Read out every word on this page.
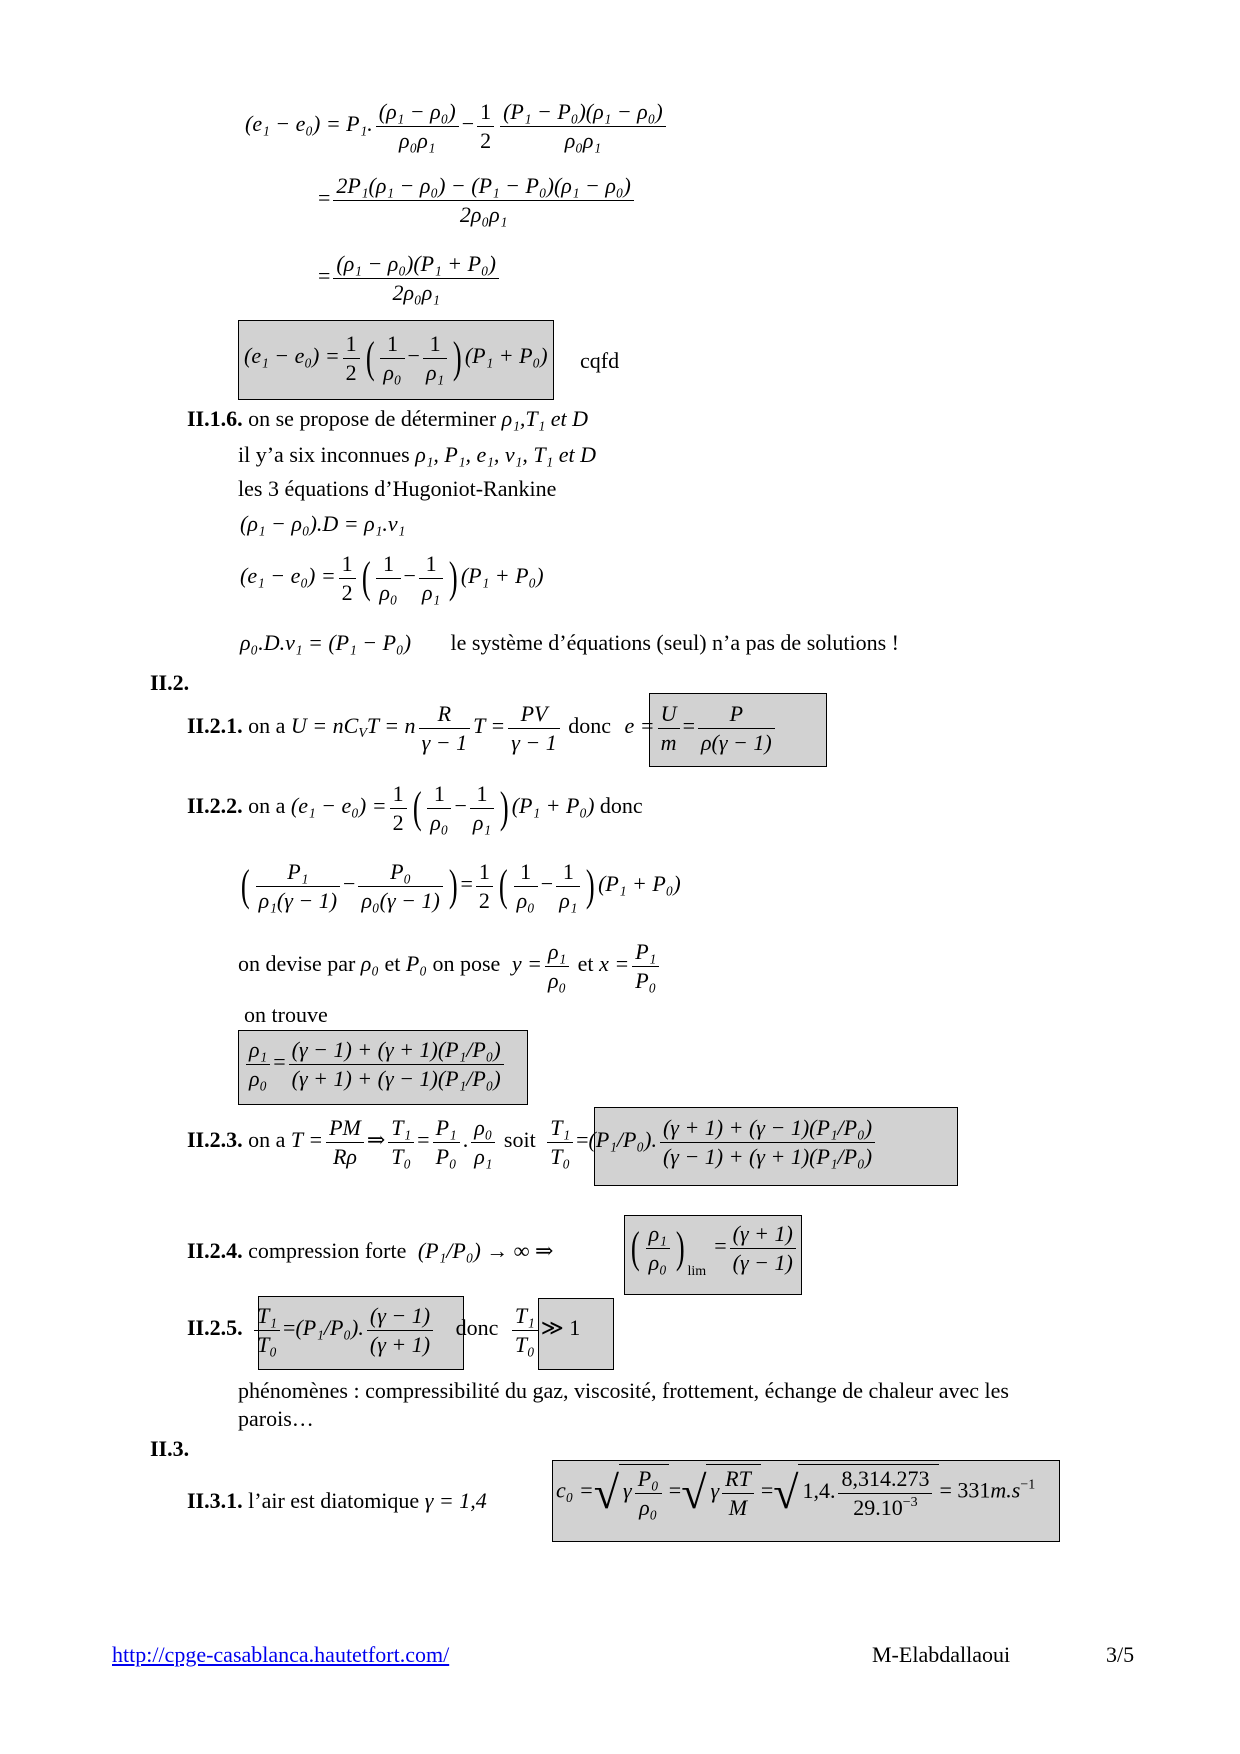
(e₁ − e₀) = P₁. $\frac{\text{(ρ₁ − ρ₀)}}{\text{ρ₀ρ₁}} - \frac{1}{2} \frac{\text{(P₁ − P₀)(ρ₁ − ρ₀)}}{\text{ρ₀ρ₁}}$
= $\frac{\text{2P₁(ρ₁ − ρ₀) − (P₁ − P₀)(ρ₁ − ρ₀)}}{\text{2ρ₀ρ₁}}$
= $\frac{\text{(ρ₁ − ρ₀)(P₁ + P₀)}}{\text{2ρ₀ρ₁}}$
$(e_1 - e_0) = \frac{1}{2}$ ( $\frac{1}{\text{ρ₀}} - \frac{1}{\text{ρ₁}}$ ) (P₁ + P₀) cqfd
II.1.6. on se propose de déterminer ρ₁,T₁ et D
il y’a six inconnues ρ₁, P₁, e₁, v₁, T₁ et D
les 3 équations d’Hugoniot-Rankine
(ρ₁ − ρ₀).D = ρ₁.v₁
$(e_1 - e_0) = \frac{1}{2}$ ( $\frac{1}{\text{ρ₀}} - \frac{1}{\text{ρ₁}}$ ) (P₁ + P₀)
ρ₀.D.v₁ = (P₁ − P₀) le système d’équations (seul) n’a pas de solutions !
II.2.
II.2.1. on a $U = nC_VT = n \frac{R}{\gamma - 1}$ $T = \frac{PV}{\gamma - 1}$ donc $e = \frac{U}{m} = \frac{P}{\rho(\gamma - 1)}$
II.2.2. on a $(e_1 - e_0) = \frac{1}{2}$ ( $\frac{1}{\text{ρ₀}} - \frac{1}{\text{ρ₁}}$ ) (P₁ + P₀) donc
( $\frac{\text{P₁}}{\text{ρ₁(γ − 1)}} - \frac{\text{P₀}}{\text{ρ₀(γ − 1)}}$ ) = $\frac{1}{2}$ ( $\frac{1}{\text{ρ₀}} - \frac{1}{\text{ρ₁}}$ ) (P₁ + P₀)
on devise par ρ₀ et P₀ on pose $y = \frac{\text{ρ₁}}{\text{ρ₀}}$ et $x = \frac{\text{P₁}}{\text{P₀}}$
on trouve
$\frac{\text{ρ₁}}{\text{ρ₀}} = \frac{\text{(γ − 1) + (γ + 1)(P₁/P₀)}}{\text{(γ + 1) + (γ − 1)(P₁/P₀)}}$
II.2.3. on a $T = \frac{PM}{R\rho}$ ⇒ $\frac{\text{T₁}}{\text{T₀}} = \frac{\text{P₁}}{\text{P₀}}$ . $\frac{\text{ρ₀}}{\text{ρ₁}}$ soit $\frac{\text{T₁}}{\text{T₀}} =(P_1/P_0)$. $\frac{\text{(γ + 1) + (γ − 1)(P₁/P₀)}}{\text{(γ − 1) + (γ + 1)(P₁/P₀)}}$
II.2.4. compression forte (P₁/P₀) → ∞ ⇒ ( $\frac{\text{ρ₁}}{\text{ρ₀}}$ ) $_{lim}= \frac{(\gamma + 1)}{(\gamma - 1)}$
II.2.5. $\frac{\text{T₁}}{\text{T₀}} =(P_1/P_0)$. $\frac{(\gamma - 1)}{(\gamma + 1)}$ donc $\frac{\text{T₁}}{\text{T₀}}$ ≫ 1
phénomènes : compressibilité du gaz, viscosité, frottement, échange de chaleur avec les
parois…
II.3.
II.3.1. l’air est diatomique γ = 1,4	c₀ =√ γ $\frac{\text{P₀}}{\text{ρ₀}}$ =√ γ $\frac{RT}{M}$ =√ 1,4. $\frac{8,314.273}{29.10^{-3}} = 331m.s^{-1}$
http://cpge-casablanca.hautetfort.com/	M-Elabdallaoui	3/5
